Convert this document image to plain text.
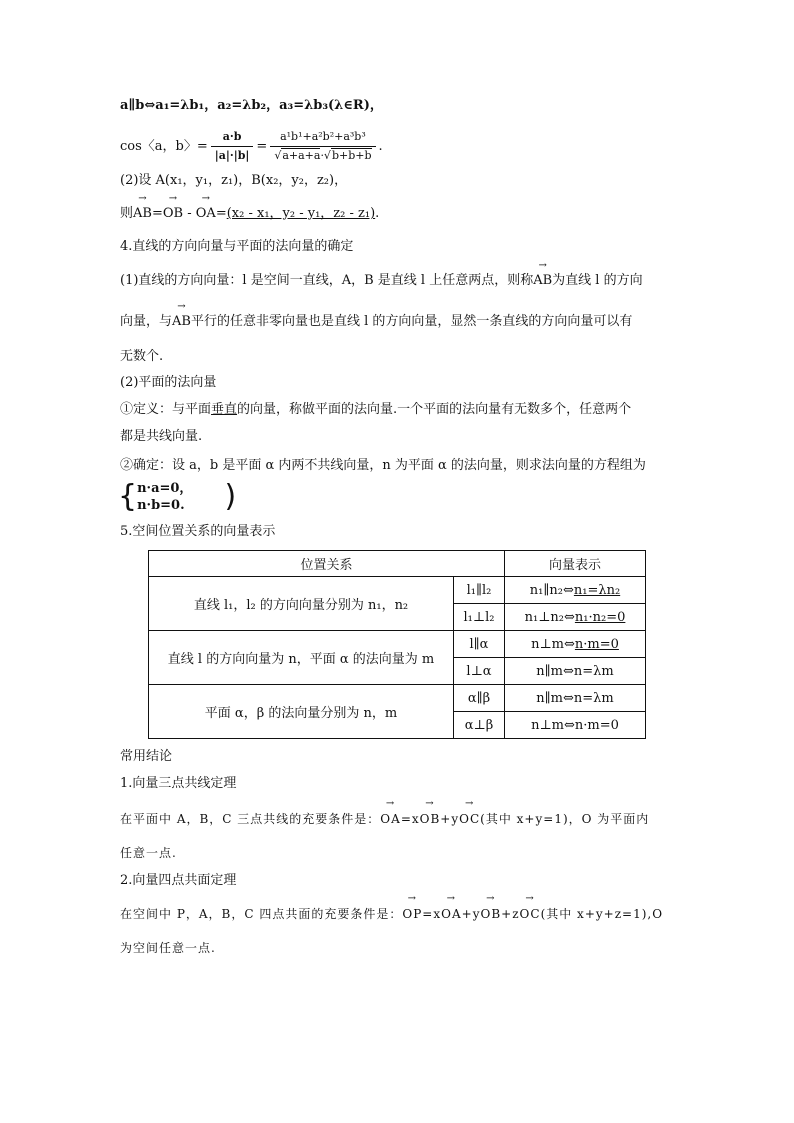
a∥b⇔a₁=λb₁，a₂=λb₂，a₃=λb₃(λ∈R)，
cos〈a，b〉= $\frac{a\cdot b}{|a|\cdot|b|} = \frac{\text{a¹b¹+a²b²+a³b³}}{√a+a+a\cdot√b+b+b}$ .
(2)设 A(x₁，y₁，z₁)，B(x₂，y₂，z₂)，
则→ AB=→ OB - → OA=(x₂ - x₁，y₂ - y₁，z₂ - z₁).
4.直线的方向向量与平面的法向量的确定
(1)直线的方向向量：l 是空间一直线，A，B 是直线 l 上任意两点，则称→ AB为直线 l 的方向
向量，与→ AB平行的任意非零向量也是直线 l 的方向向量，显然一条直线的方向向量可以有
无数个.
(2)平面的法向量
①定义：与平面垂直的向量，称做平面的法向量.一个平面的法向量有无数多个，任意两个
都是共线向量.
②确定：设 a，b 是平面 α 内两不共线向量，n 为平面 α 的法向量，则求法向量的方程组为
{ n·a=0，
n·b=0. )
5.空间位置关系的向量表示
位置关系		向量表示
直线 l₁，l₂ 的方向向量分别为 n₁，n₂	l₁∥l₂	n₁∥n₂⇔n₁=λn₂
	l₁⊥l₂	n₁⊥n₂⇔n₁·n₂=0
直线 l 的方向向量为 n，平面 α 的法向量为 m	l∥α	n⊥m⇔n·m=0
	l⊥α	n∥m⇔n=λm
平面 α，β 的法向量分别为 n，m	α∥β	n∥m⇔n=λm
	α⊥β	n⊥m⇔n·m=0
常用结论
1.向量三点共线定理
在平面中 A，B，C 三点共线的充要条件是：→ OA=x→ OB+y→ OC(其中 x+y=1)，O 为平面内
任意一点.
2.向量四点共面定理
在空间中 P，A，B，C 四点共面的充要条件是：→ OP=x→ OA+y→ OB+z→ OC(其中 x+y+z=1),O
为空间任意一点.
